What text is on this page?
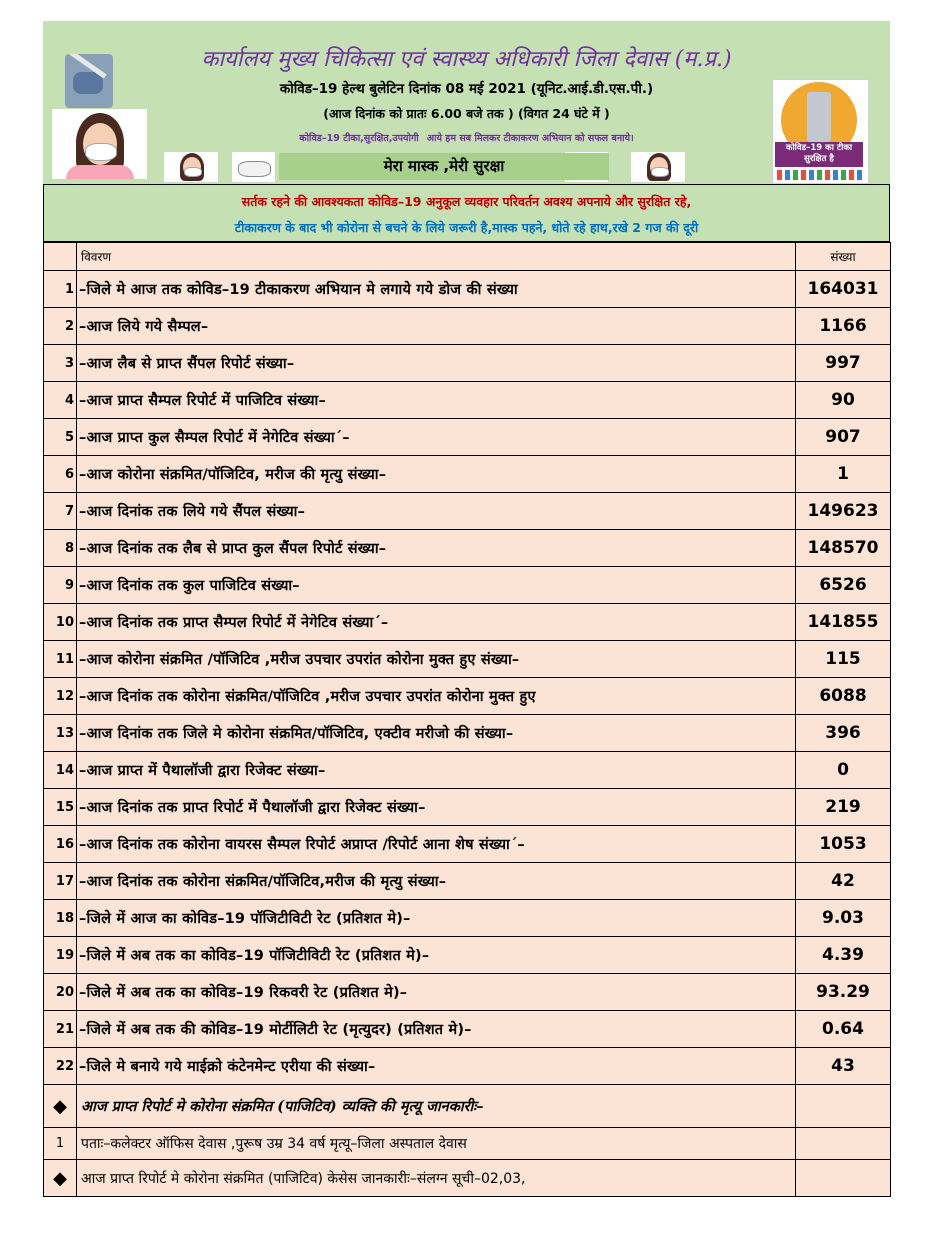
कोविड–19 का टीका
सुरक्षित है
कार्यालय मुख्य चिकित्सा एवं स्वास्थ्य अधिकारी जिला देवास (म.प्र.)
कोविड–19 हेल्थ बुलेटिन दिनांक 08 मई 2021 (यूनिट.आई.डी.एस.पी.)
(आज दिनांक को प्रातः 6.00 बजे तक ) (विगत 24 घंटे में )
कोविड–19 टीका,सुरक्षित,उपयोगी आये हम सब मिलकर टीकाकरण अभियान को सफल बनाये।
मेरा मास्क ,मेरी सुरक्षा
सर्तक रहने की आवश्यकता कोविड–19 अनुकूल व्यवहार परिवर्तन अवश्य अपनाये और सुरक्षित रहे,
टीकाकरण के बाद भी कोरोना से बचने के लिये जरूरी है,मास्क पहने, धोते रहे हाथ,रखे 2 गज की दूरी
	विवरण	संख्या
1	–जिले मे आज तक कोविड–19 टीकाकरण अभियान मे लगाये गये डोज की संख्या	164031
2	–आज लिये गये सैम्पल–	1166
3	–आज लैब से प्राप्त सैंपल रिपोर्ट संख्या–	997
4	–आज प्राप्त सैम्पल रिपोर्ट में पाजिटिव संख्या–	90
5	–आज प्राप्त कुल सैम्पल रिपोर्ट में नेगेटिव संख्या´–	907
6	–आज कोरोना संक्रमित/पॉजिटिव, मरीज की मृत्यु संख्या–	1
7	–आज दिनांक तक लिये गये सैंपल संख्या–	149623
8	–आज दिनांक तक लैब से प्राप्त कुल सैंपल रिपोर्ट संख्या–	148570
9	–आज दिनांक तक कुल पाजिटिव संख्या–	6526
10	–आज दिनांक तक प्राप्त सैम्पल रिपोर्ट में नेगेटिव संख्या´–	141855
11	–आज कोरोना संक्रमित /पॉजिटिव ,मरीज उपचार उपरांत कोरोना मुक्त हुए संख्या–	115
12	–आज दिनांक तक कोरोना संक्रमित/पॉजिटिव ,मरीज उपचार उपरांत कोरोना मुक्त हुए	6088
13	–आज दिनांक तक जिले मे कोरोना संक्रमित/पॉजिटिव, एक्टीव मरीजो की संख्या–	396
14	–आज प्राप्त में पैथालॉजी द्वारा रिजेक्ट संख्या–	0
15	–आज दिनांक तक प्राप्त रिपोर्ट में पैथालॉजी द्वारा रिजेक्ट संख्या–	219
16	–आज दिनांक तक कोरोना वायरस सैम्पल रिपोर्ट अप्राप्त /रिपोर्ट आना शेष संख्या´–	1053
17	–आज दिनांक तक कोरोना संक्रमित/पॉजिटिव,मरीज की मृत्यु संख्या–	42
18	–जिले में आज का कोविड–19 पॉजिटीविटी रेट (प्रतिशत मे)–	9.03
19	–जिले में अब तक का कोविड–19 पॉजिटीविटी रेट (प्रतिशत मे)–	4.39
20	–जिले में अब तक का कोविड–19 रिकवरी रेट (प्रतिशत मे)–	93.29
21	–जिले में अब तक की कोविड–19 मोर्टीलिटी रेट (मृत्युदर) (प्रतिशत मे)–	0.64
22	–जिले मे बनाये गये माईक्रो कंटेनमेन्ट एरीया की संख्या–	43
◆	आज प्राप्त रिपोर्ट मे कोरोना संक्रमित (पाजिटिव) व्यक्ति की मृत्यू जानकारीः–	
1	पताः–कलेक्टर ऑफिस देवास ,पुरूष उम्र 34 वर्ष मृत्यू–जिला अस्पताल देवास	
◆	आज प्राप्त रिपोर्ट मे कोरोना संक्रमित (पाजिटिव) केसेस जानकारीः–संलग्न सूची–02,03,	
